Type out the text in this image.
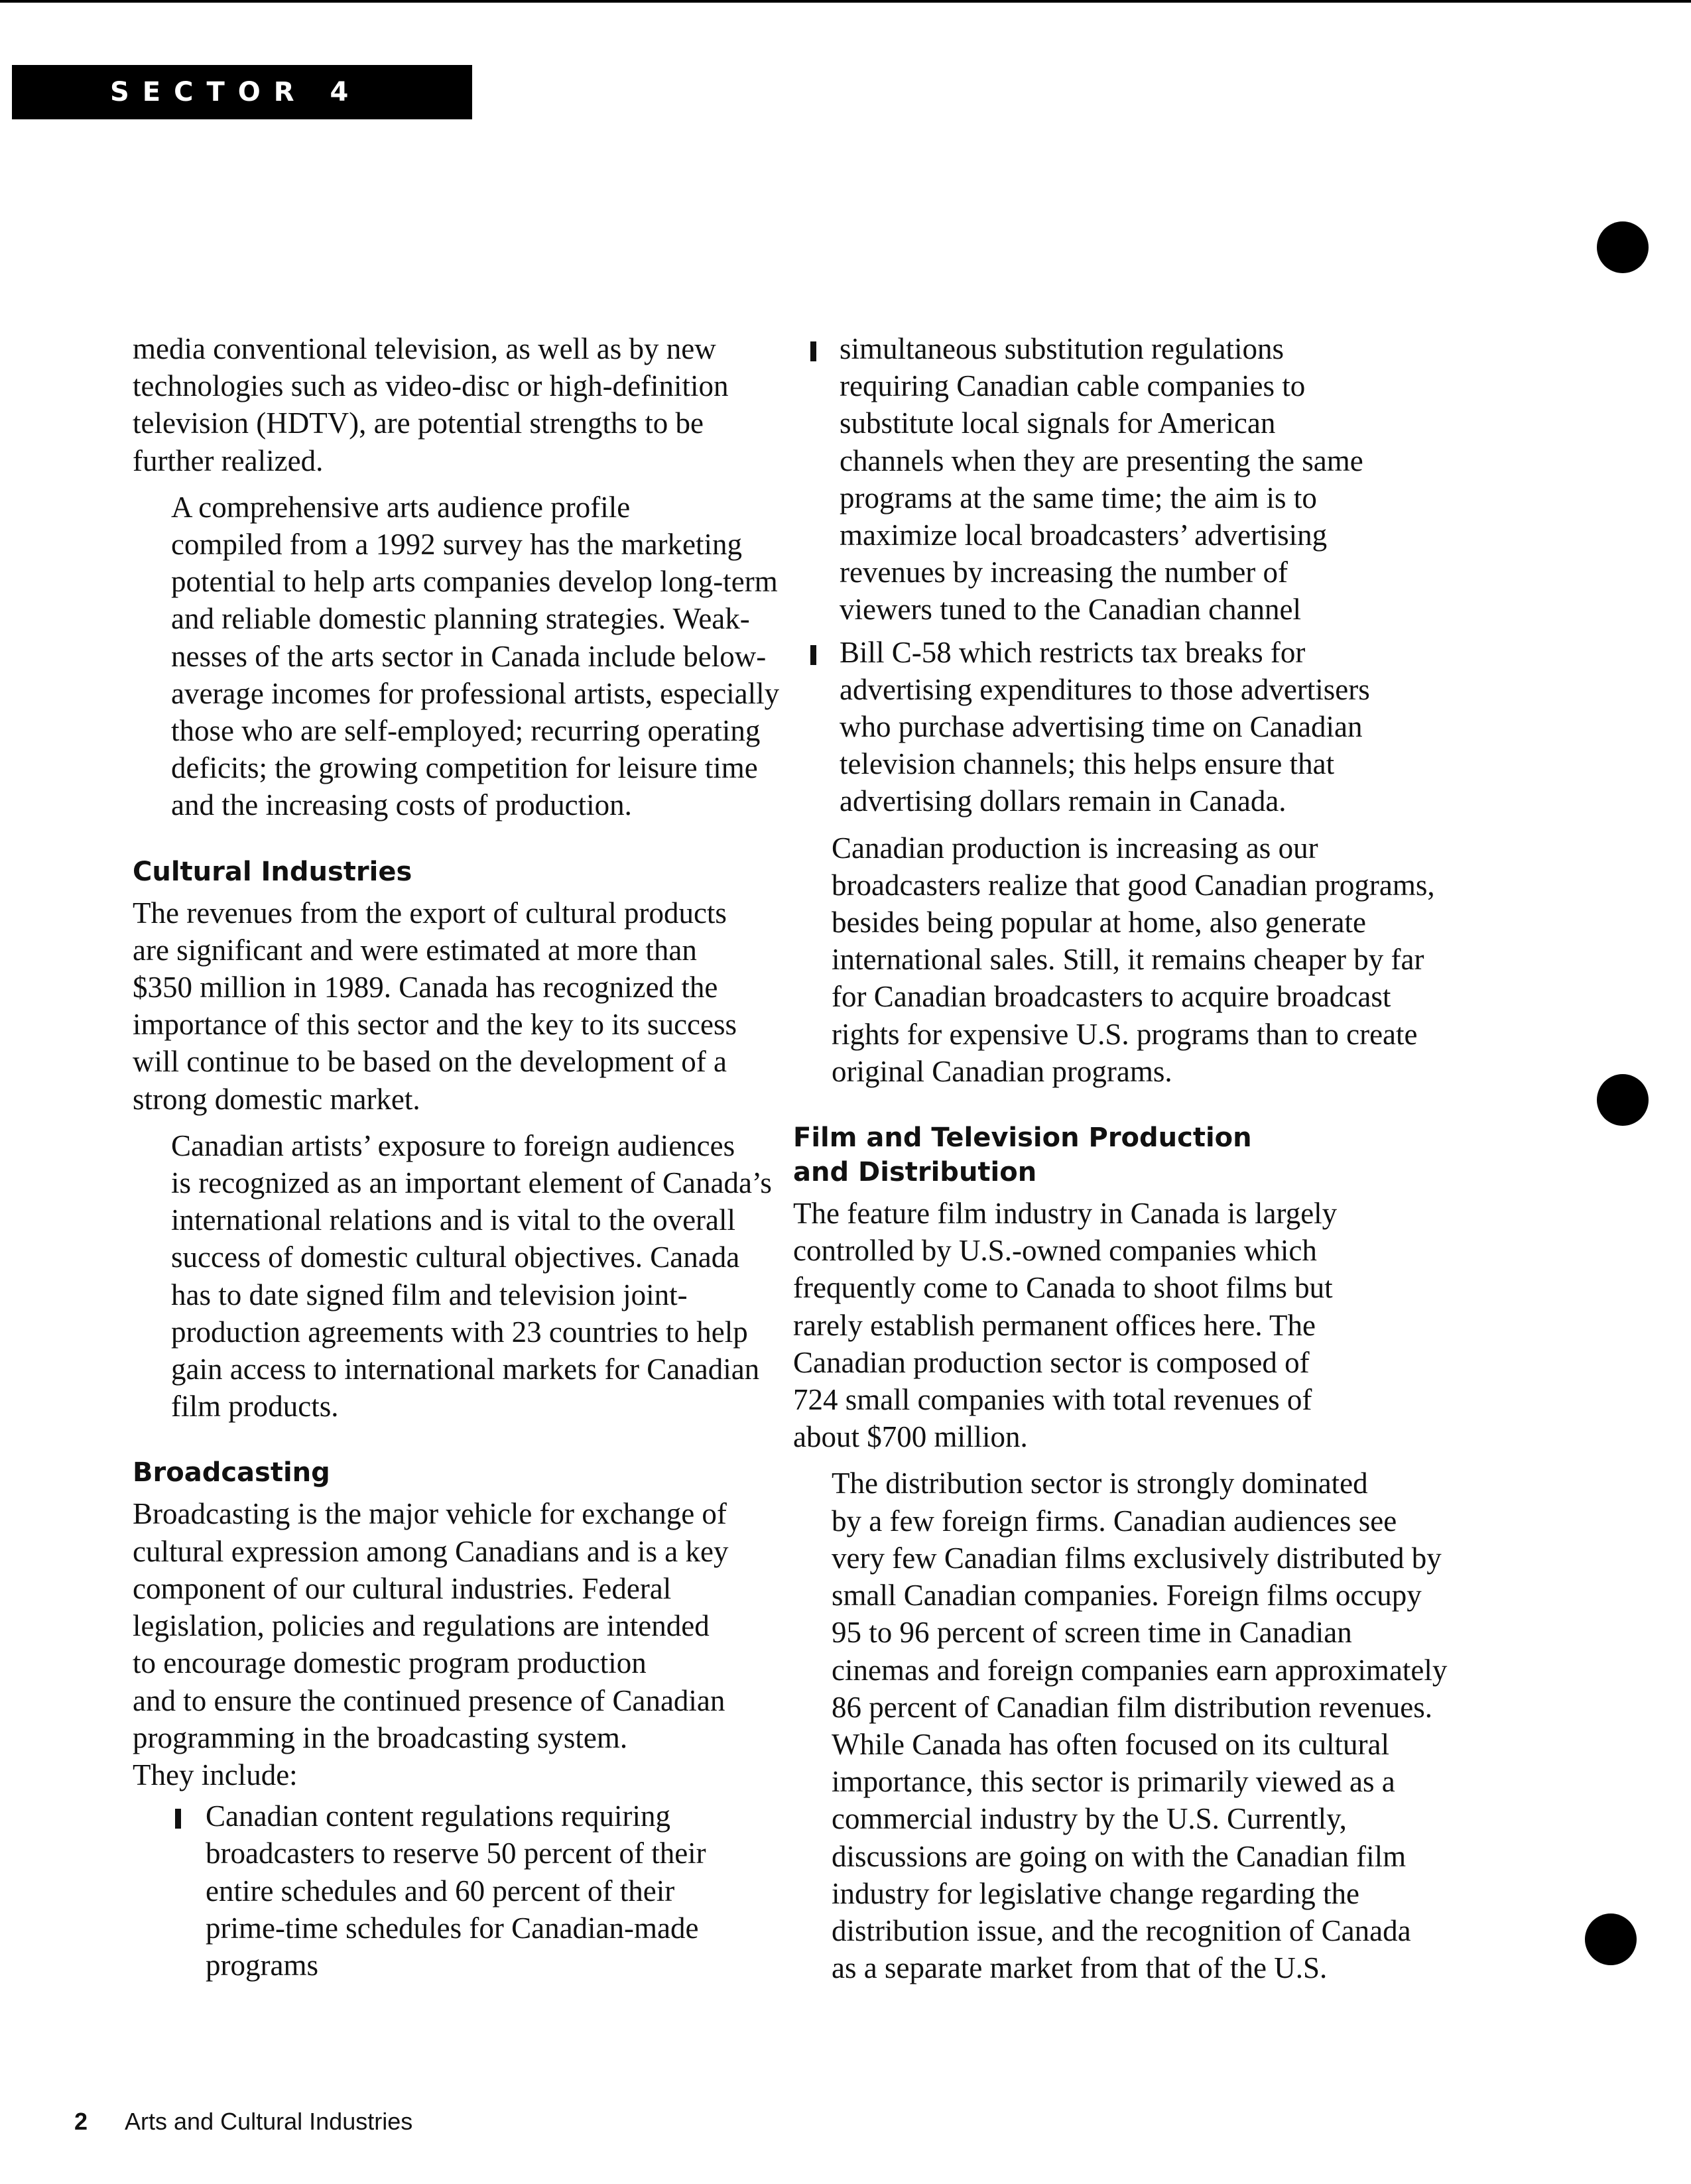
SECTOR 4

media conventional television, as well as by new
technologies such as video-disc or high-definition
television (HDTV), are potential strengths to be
further realized.

A comprehensive arts audience profile
compiled from a 1992 survey has the marketing
potential to help arts companies develop long-term
and reliable domestic planning strategies. Weak-
nesses of the arts sector in Canada include below-
average incomes for professional artists, especially
those who are self-employed; recurring operating
deficits; the growing competition for leisure time
and the increasing costs of production.

Cultural Industries

The revenues from the export of cultural products
are significant and were estimated at more than
$350 million in 1989. Canada has recognized the
importance of this sector and the key to its success
will continue to be based on the development of a
strong domestic market.

Canadian artists’ exposure to foreign audiences
is recognized as an important element of Canada’s
international relations and is vital to the overall
success of domestic cultural objectives. Canada
has to date signed film and television joint-
production agreements with 23 countries to help
gain access to international markets for Canadian
film products.

Broadcasting

Broadcasting is the major vehicle for exchange of
cultural expression among Canadians and is a key
component of our cultural industries. Federal
legislation, policies and regulations are intended
to encourage domestic program production
and to ensure the continued presence of Canadian
programming in the broadcasting system.
They include:

Canadian content regulations requiring
broadcasters to reserve 50 percent of their
entire schedules and 60 percent of their
prime-time schedules for Canadian-made
programs
simultaneous substitution regulations
requiring Canadian cable companies to
substitute local signals for American
channels when they are presenting the same
programs at the same time; the aim is to
maximize local broadcasters’ advertising
revenues by increasing the number of
viewers tuned to the Canadian channel
Bill C-58 which restricts tax breaks for
advertising expenditures to those advertisers
who purchase advertising time on Canadian
television channels; this helps ensure that
advertising dollars remain in Canada.

Canadian production is increasing as our
broadcasters realize that good Canadian programs,
besides being popular at home, also generate
international sales. Still, it remains cheaper by far
for Canadian broadcasters to acquire broadcast
rights for expensive U.S. programs than to create
original Canadian programs.

Film and Television Production
and Distribution

The feature film industry in Canada is largely
controlled by U.S.-owned companies which
frequently come to Canada to shoot films but
rarely establish permanent offices here. The
Canadian production sector is composed of
724 small companies with total revenues of
about $700 million.

The distribution sector is strongly dominated
by a few foreign firms. Canadian audiences see
very few Canadian films exclusively distributed by
small Canadian companies. Foreign films occupy
95 to 96 percent of screen time in Canadian
cinemas and foreign companies earn approximately
86 percent of Canadian film distribution revenues.
While Canada has often focused on its cultural
importance, this sector is primarily viewed as a
commercial industry by the U.S. Currently,
discussions are going on with the Canadian film
industry for legislative change regarding the
distribution issue, and the recognition of Canada
as a separate market from that of the U.S.

2 Arts and Cultural Industries
